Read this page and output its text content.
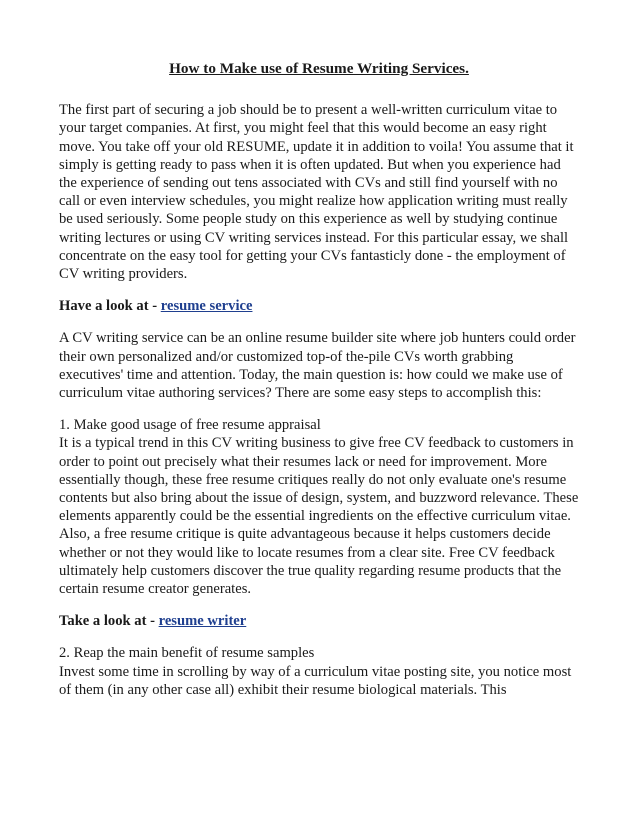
How to Make use of Resume Writing Services.

The first part of securing a job should be to present a well-written curriculum vitae to your target companies. At first, you might feel that this would become an easy right move. You take off your old RESUME, update it in addition to voila! You assume that it simply is getting ready to pass when it is often updated. But when you experience had the experience of sending out tens associated with CVs and still find yourself with no call or even interview schedules, you might realize how application writing must really be used seriously. Some people study on this experience as well by studying continue writing lectures or using CV writing services instead. For this particular essay, we shall concentrate on the easy tool for getting your CVs fantasticly done - the employment of CV writing providers.

Have a look at - resume service

A CV writing service can be an online resume builder site where job hunters could order their own personalized and/or customized top-of the-pile CVs worth grabbing executives' time and attention. Today, the main question is: how could we make use of curriculum vitae authoring services? There are some easy steps to accomplish this:

1. Make good usage of free resume appraisal
It is a typical trend in this CV writing business to give free CV feedback to customers in order to point out precisely what their resumes lack or need for improvement. More essentially though, these free resume critiques really do not only evaluate one's resume contents but also bring about the issue of design, system, and buzzword relevance. These elements apparently could be the essential ingredients on the effective curriculum vitae. Also, a free resume critique is quite advantageous because it helps customers decide whether or not they would like to locate resumes from a clear site. Free CV feedback ultimately help customers discover the true quality regarding resume products that the certain resume creator generates.

Take a look at - resume writer

2. Reap the main benefit of resume samples
Invest some time in scrolling by way of a curriculum vitae posting site, you notice most of them (in any other case all) exhibit their resume biological materials. This
